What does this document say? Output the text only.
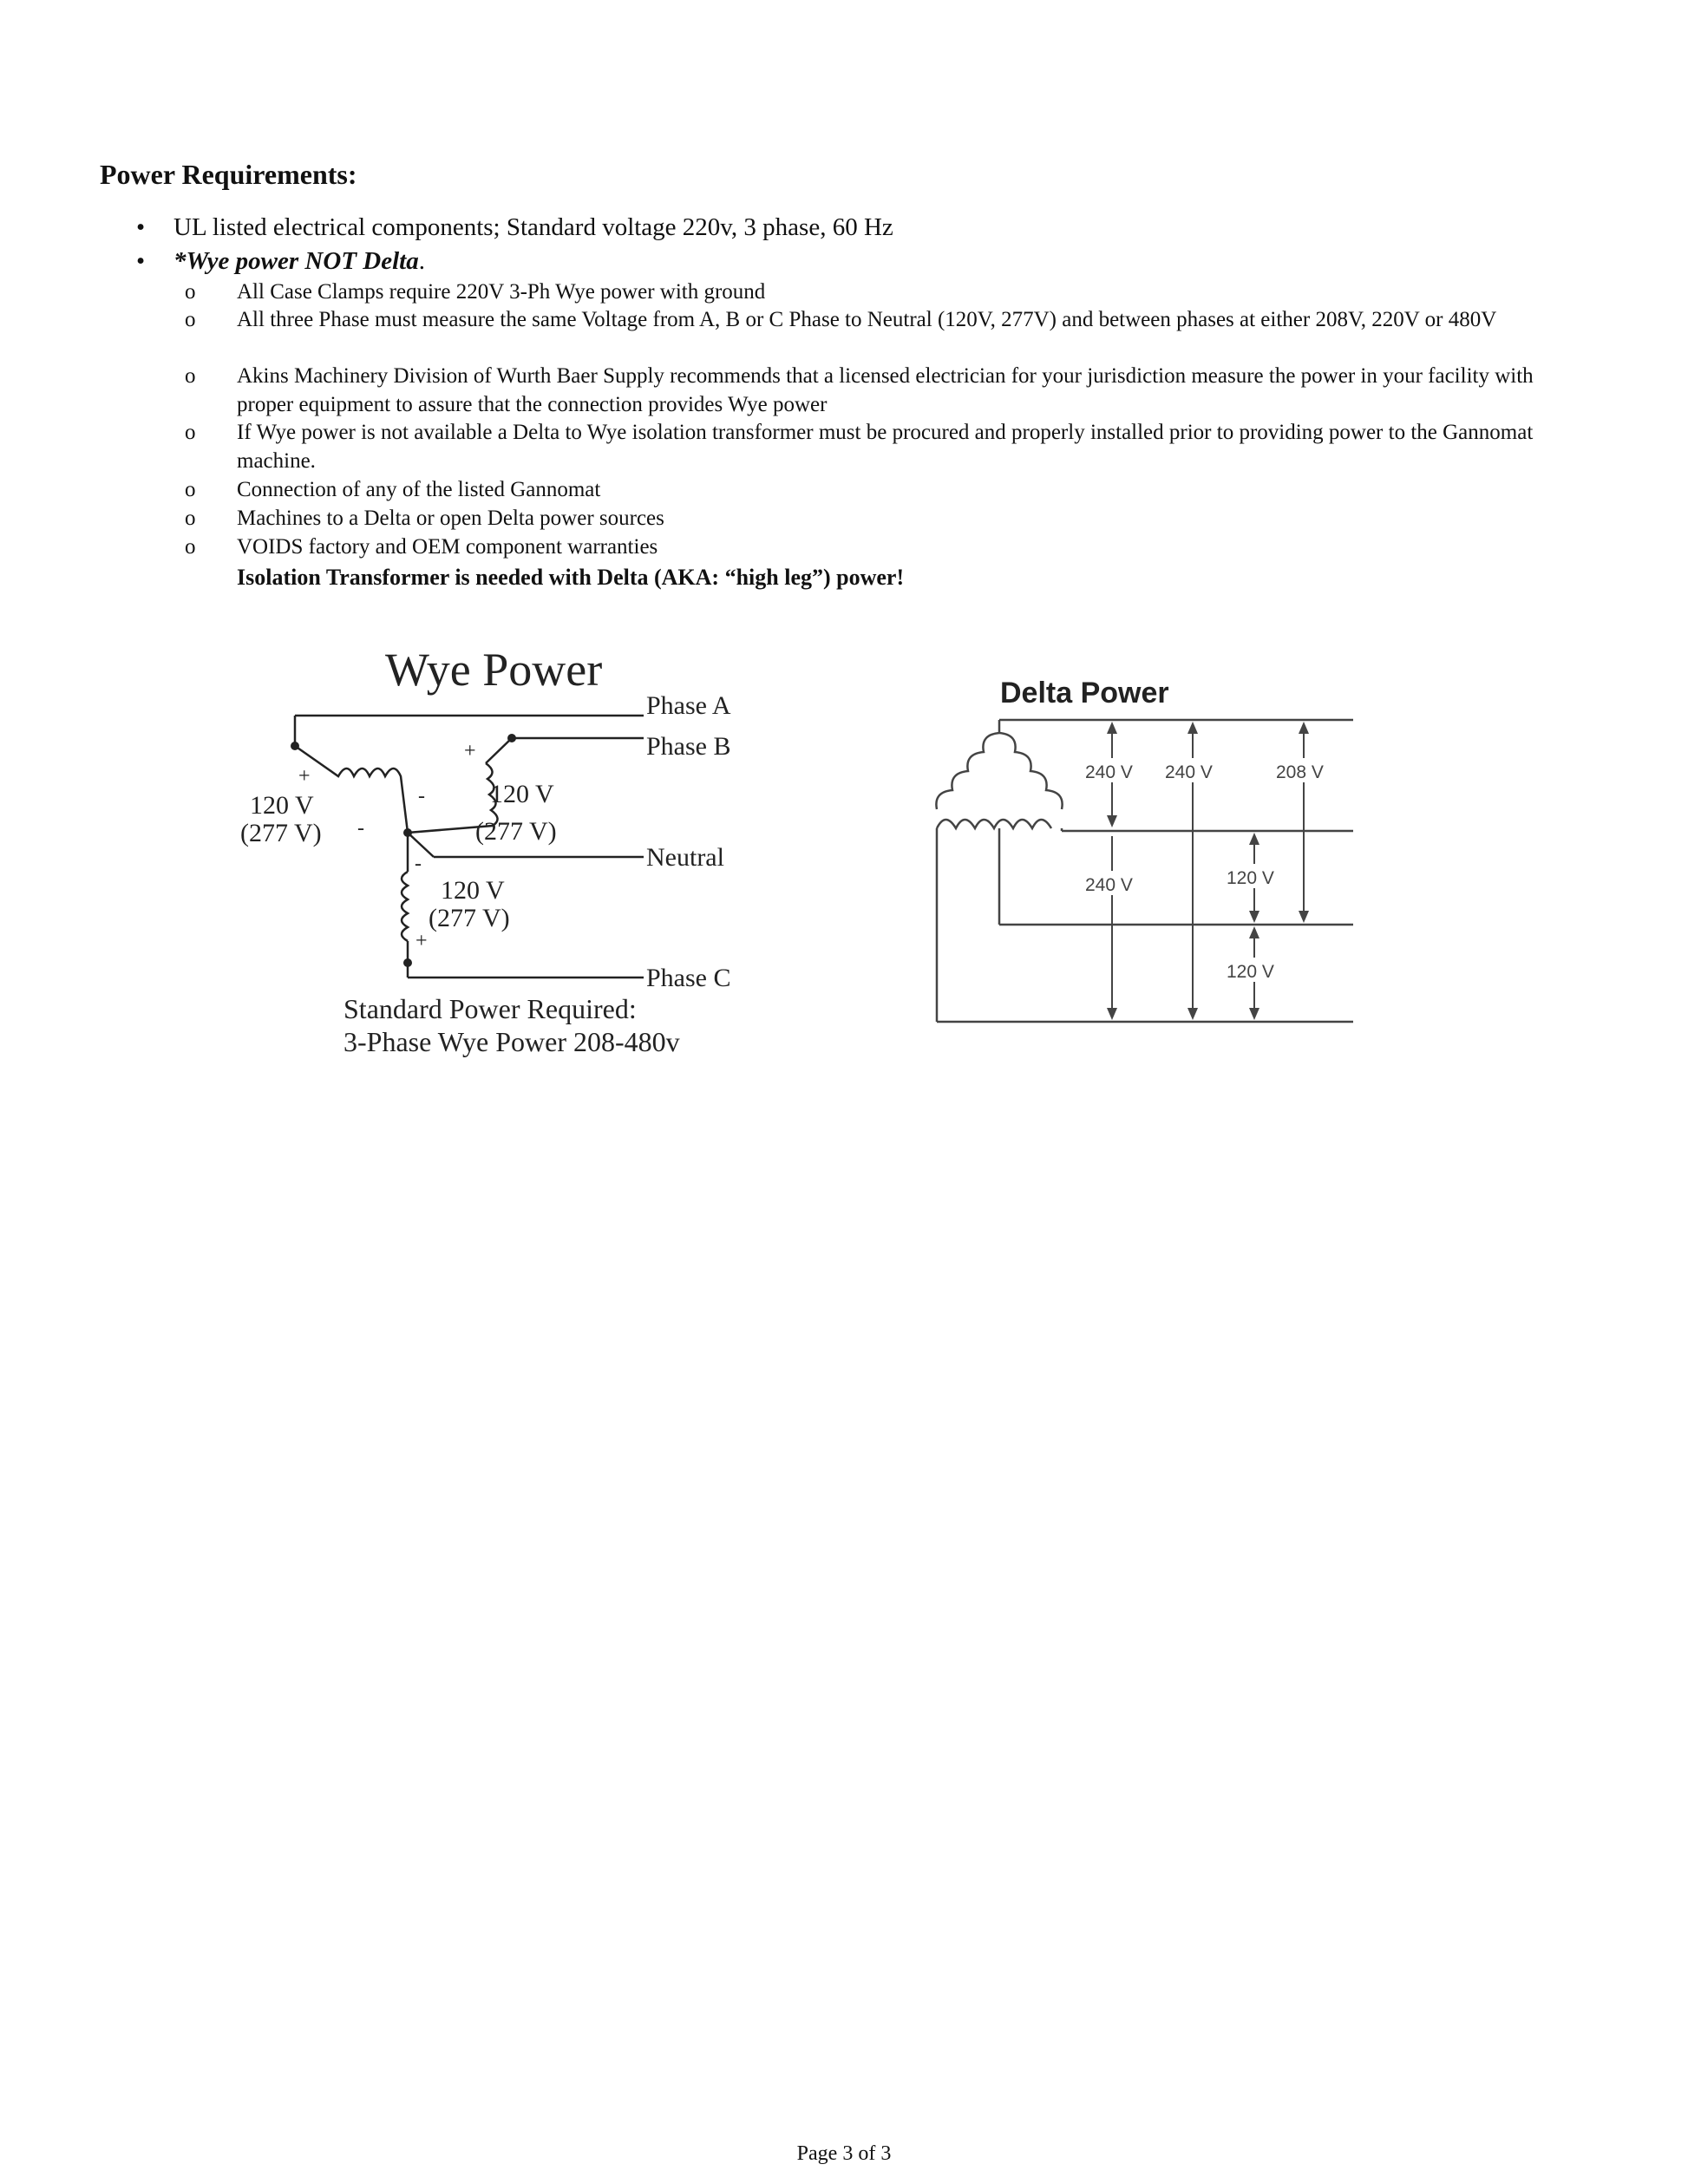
Power Requirements:
• UL listed electrical components; Standard voltage 220v, 3 phase, 60 Hz
• *Wye power NOT Delta.
o All Case Clamps require 220V 3-Ph Wye power with ground
o All three Phase must measure the same Voltage from A, B or C Phase to Neutral (120V, 277V) and between phases at either 208V, 220V or 480V
o Akins Machinery Division of Wurth Baer Supply recommends that a licensed electrician for your jurisdiction measure the power in your facility with proper equipment to assure that the connection provides Wye power
o If Wye power is not available a Delta to Wye isolation transformer must be procured and properly installed prior to providing power to the Gannomat machine.
o Connection of any of the listed Gannomat
o Machines to a Delta or open Delta power sources
o VOIDS factory and OEM component warranties
Isolation Transformer is needed with Delta (AKA: “high leg”) power!
Wye Power
Phase A
Phase B
Neutral
Phase C
+
120 V
(277 V) -
+
-	120 V
(277 V)
-
120 V
(277 V)
+
Standard Power Required:
3-Phase Wye Power 208-480v
Delta Power
240 V 240 V	208 V
240 V	120 V
120 V
Page 3 of 3
